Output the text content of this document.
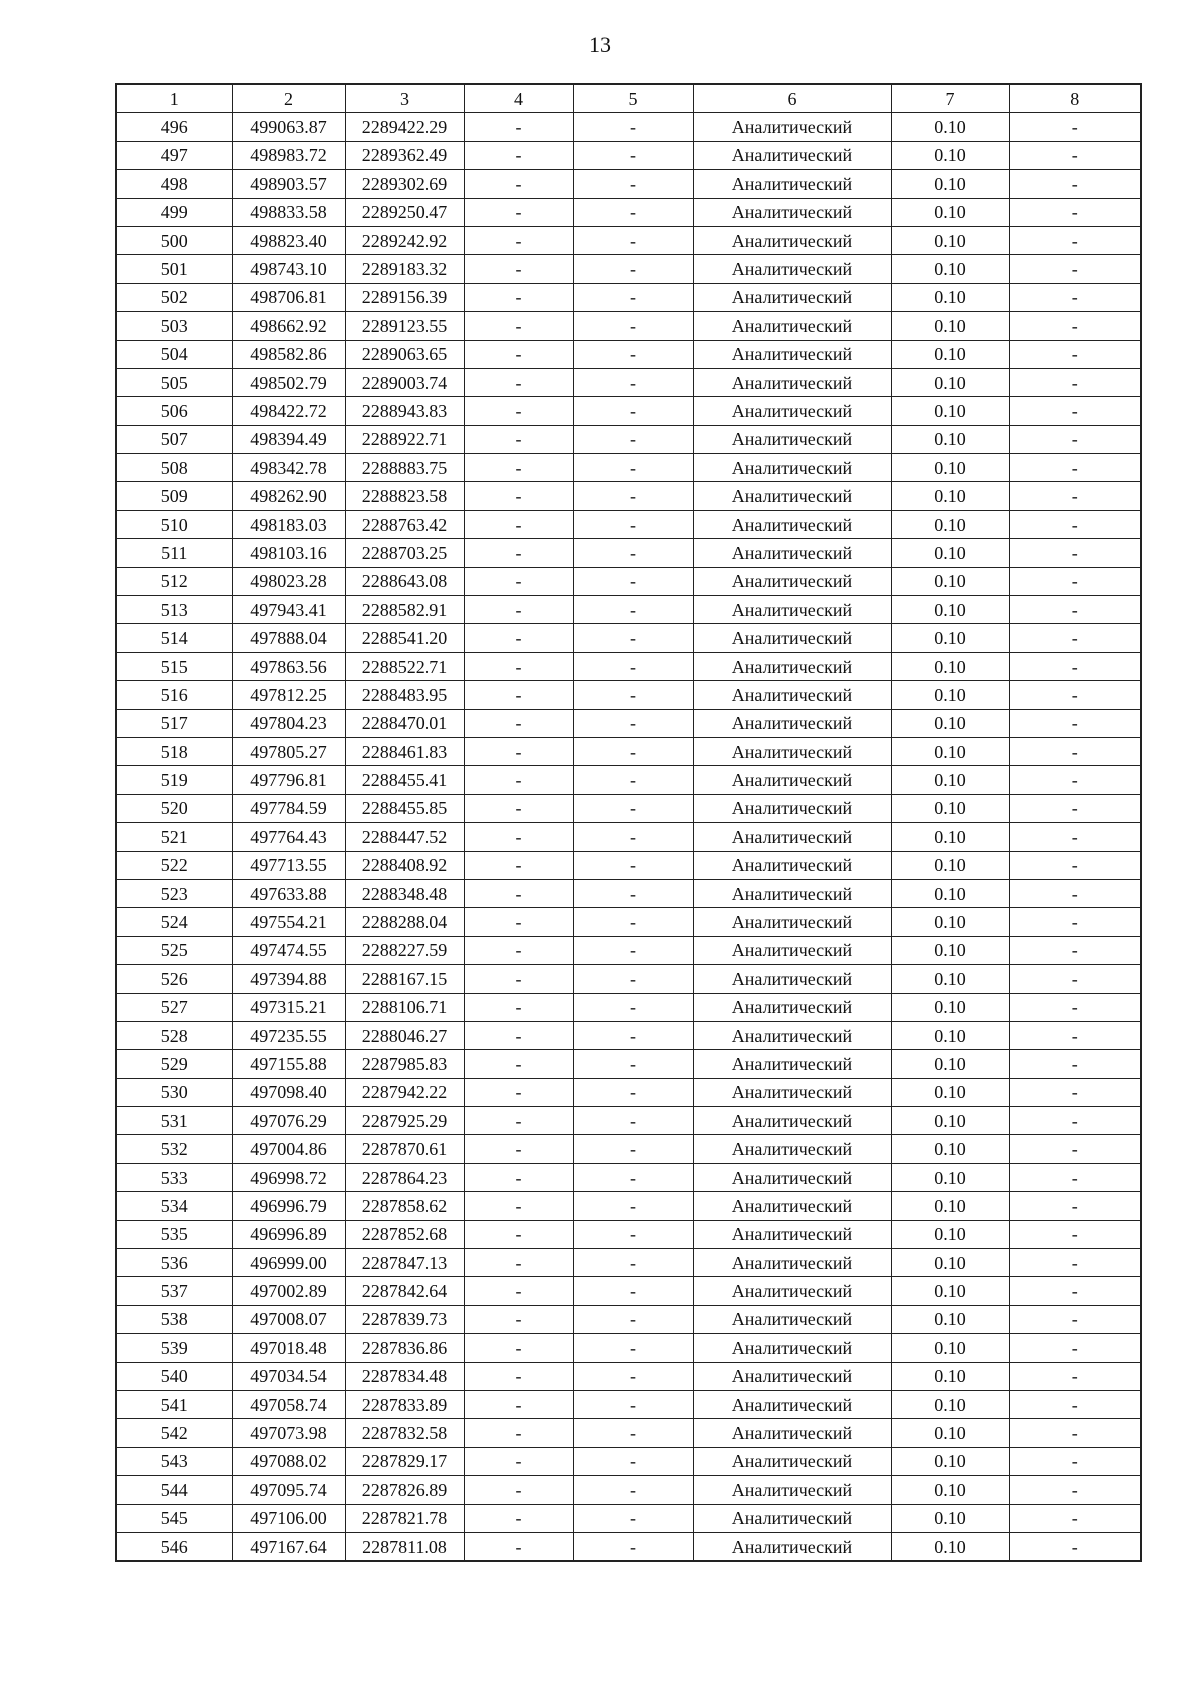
13
1	2	3	4	5	6	7	8
496	499063.87	2289422.29	-	-	Аналитический	0.10	-
497	498983.72	2289362.49	-	-	Аналитический	0.10	-
498	498903.57	2289302.69	-	-	Аналитический	0.10	-
499	498833.58	2289250.47	-	-	Аналитический	0.10	-
500	498823.40	2289242.92	-	-	Аналитический	0.10	-
501	498743.10	2289183.32	-	-	Аналитический	0.10	-
502	498706.81	2289156.39	-	-	Аналитический	0.10	-
503	498662.92	2289123.55	-	-	Аналитический	0.10	-
504	498582.86	2289063.65	-	-	Аналитический	0.10	-
505	498502.79	2289003.74	-	-	Аналитический	0.10	-
506	498422.72	2288943.83	-	-	Аналитический	0.10	-
507	498394.49	2288922.71	-	-	Аналитический	0.10	-
508	498342.78	2288883.75	-	-	Аналитический	0.10	-
509	498262.90	2288823.58	-	-	Аналитический	0.10	-
510	498183.03	2288763.42	-	-	Аналитический	0.10	-
511	498103.16	2288703.25	-	-	Аналитический	0.10	-
512	498023.28	2288643.08	-	-	Аналитический	0.10	-
513	497943.41	2288582.91	-	-	Аналитический	0.10	-
514	497888.04	2288541.20	-	-	Аналитический	0.10	-
515	497863.56	2288522.71	-	-	Аналитический	0.10	-
516	497812.25	2288483.95	-	-	Аналитический	0.10	-
517	497804.23	2288470.01	-	-	Аналитический	0.10	-
518	497805.27	2288461.83	-	-	Аналитический	0.10	-
519	497796.81	2288455.41	-	-	Аналитический	0.10	-
520	497784.59	2288455.85	-	-	Аналитический	0.10	-
521	497764.43	2288447.52	-	-	Аналитический	0.10	-
522	497713.55	2288408.92	-	-	Аналитический	0.10	-
523	497633.88	2288348.48	-	-	Аналитический	0.10	-
524	497554.21	2288288.04	-	-	Аналитический	0.10	-
525	497474.55	2288227.59	-	-	Аналитический	0.10	-
526	497394.88	2288167.15	-	-	Аналитический	0.10	-
527	497315.21	2288106.71	-	-	Аналитический	0.10	-
528	497235.55	2288046.27	-	-	Аналитический	0.10	-
529	497155.88	2287985.83	-	-	Аналитический	0.10	-
530	497098.40	2287942.22	-	-	Аналитический	0.10	-
531	497076.29	2287925.29	-	-	Аналитический	0.10	-
532	497004.86	2287870.61	-	-	Аналитический	0.10	-
533	496998.72	2287864.23	-	-	Аналитический	0.10	-
534	496996.79	2287858.62	-	-	Аналитический	0.10	-
535	496996.89	2287852.68	-	-	Аналитический	0.10	-
536	496999.00	2287847.13	-	-	Аналитический	0.10	-
537	497002.89	2287842.64	-	-	Аналитический	0.10	-
538	497008.07	2287839.73	-	-	Аналитический	0.10	-
539	497018.48	2287836.86	-	-	Аналитический	0.10	-
540	497034.54	2287834.48	-	-	Аналитический	0.10	-
541	497058.74	2287833.89	-	-	Аналитический	0.10	-
542	497073.98	2287832.58	-	-	Аналитический	0.10	-
543	497088.02	2287829.17	-	-	Аналитический	0.10	-
544	497095.74	2287826.89	-	-	Аналитический	0.10	-
545	497106.00	2287821.78	-	-	Аналитический	0.10	-
546	497167.64	2287811.08	-	-	Аналитический	0.10	-
